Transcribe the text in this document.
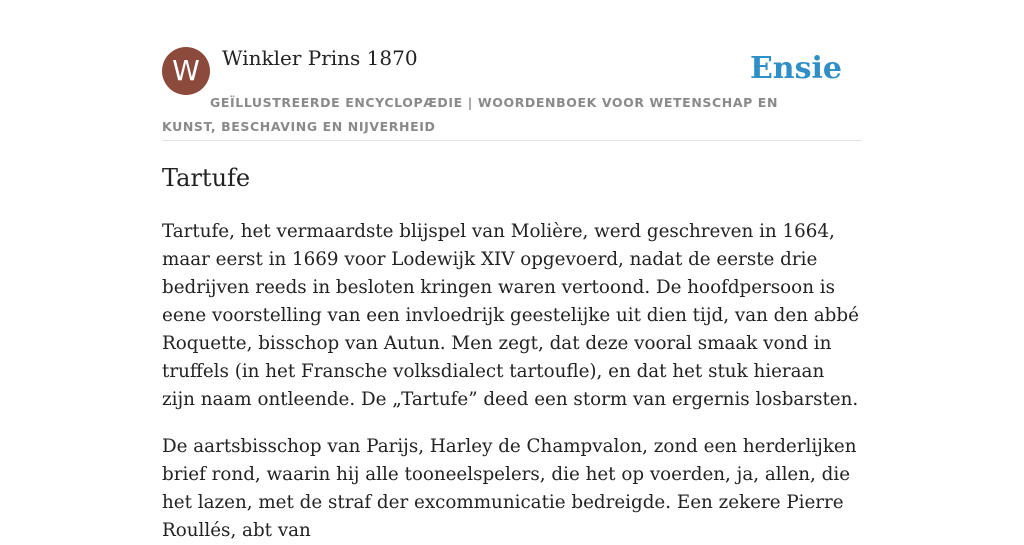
W	Winkler Prins 1870	Ensie
GEÏLLUSTREERDE ENCYCLOPÆDIE | WOORDENBOEK VOOR WETENSCHAP EN KUNST, BESCHAVING EN NIJVERHEID
Tartufe

Tartufe, het vermaardste blijspel van Molière, werd geschreven in 1664, maar eerst in 1669 voor Lodewijk XIV opgevoerd, nadat de eerste drie bedrijven reeds in besloten kringen waren vertoond. De hoofdpersoon is eene voorstelling van een invloedrijk geestelijke uit dien tijd, van den abbé Roquette, bisschop van Autun. Men zegt, dat deze vooral smaak vond in truffels (in het Fransche volksdialect tartoufle), en dat het stuk hieraan zijn naam ontleende. De „Tartufe” deed een storm van ergernis losbarsten.

De aartsbisschop van Parijs, Harley de Champvalon, zond een herderlijken brief rond, waarin hij alle tooneelspelers, die het op voerden, ja, allen, die het lazen, met de straf der excommunicatie bedreigde. Een zekere Pierre Roullés, abt van
